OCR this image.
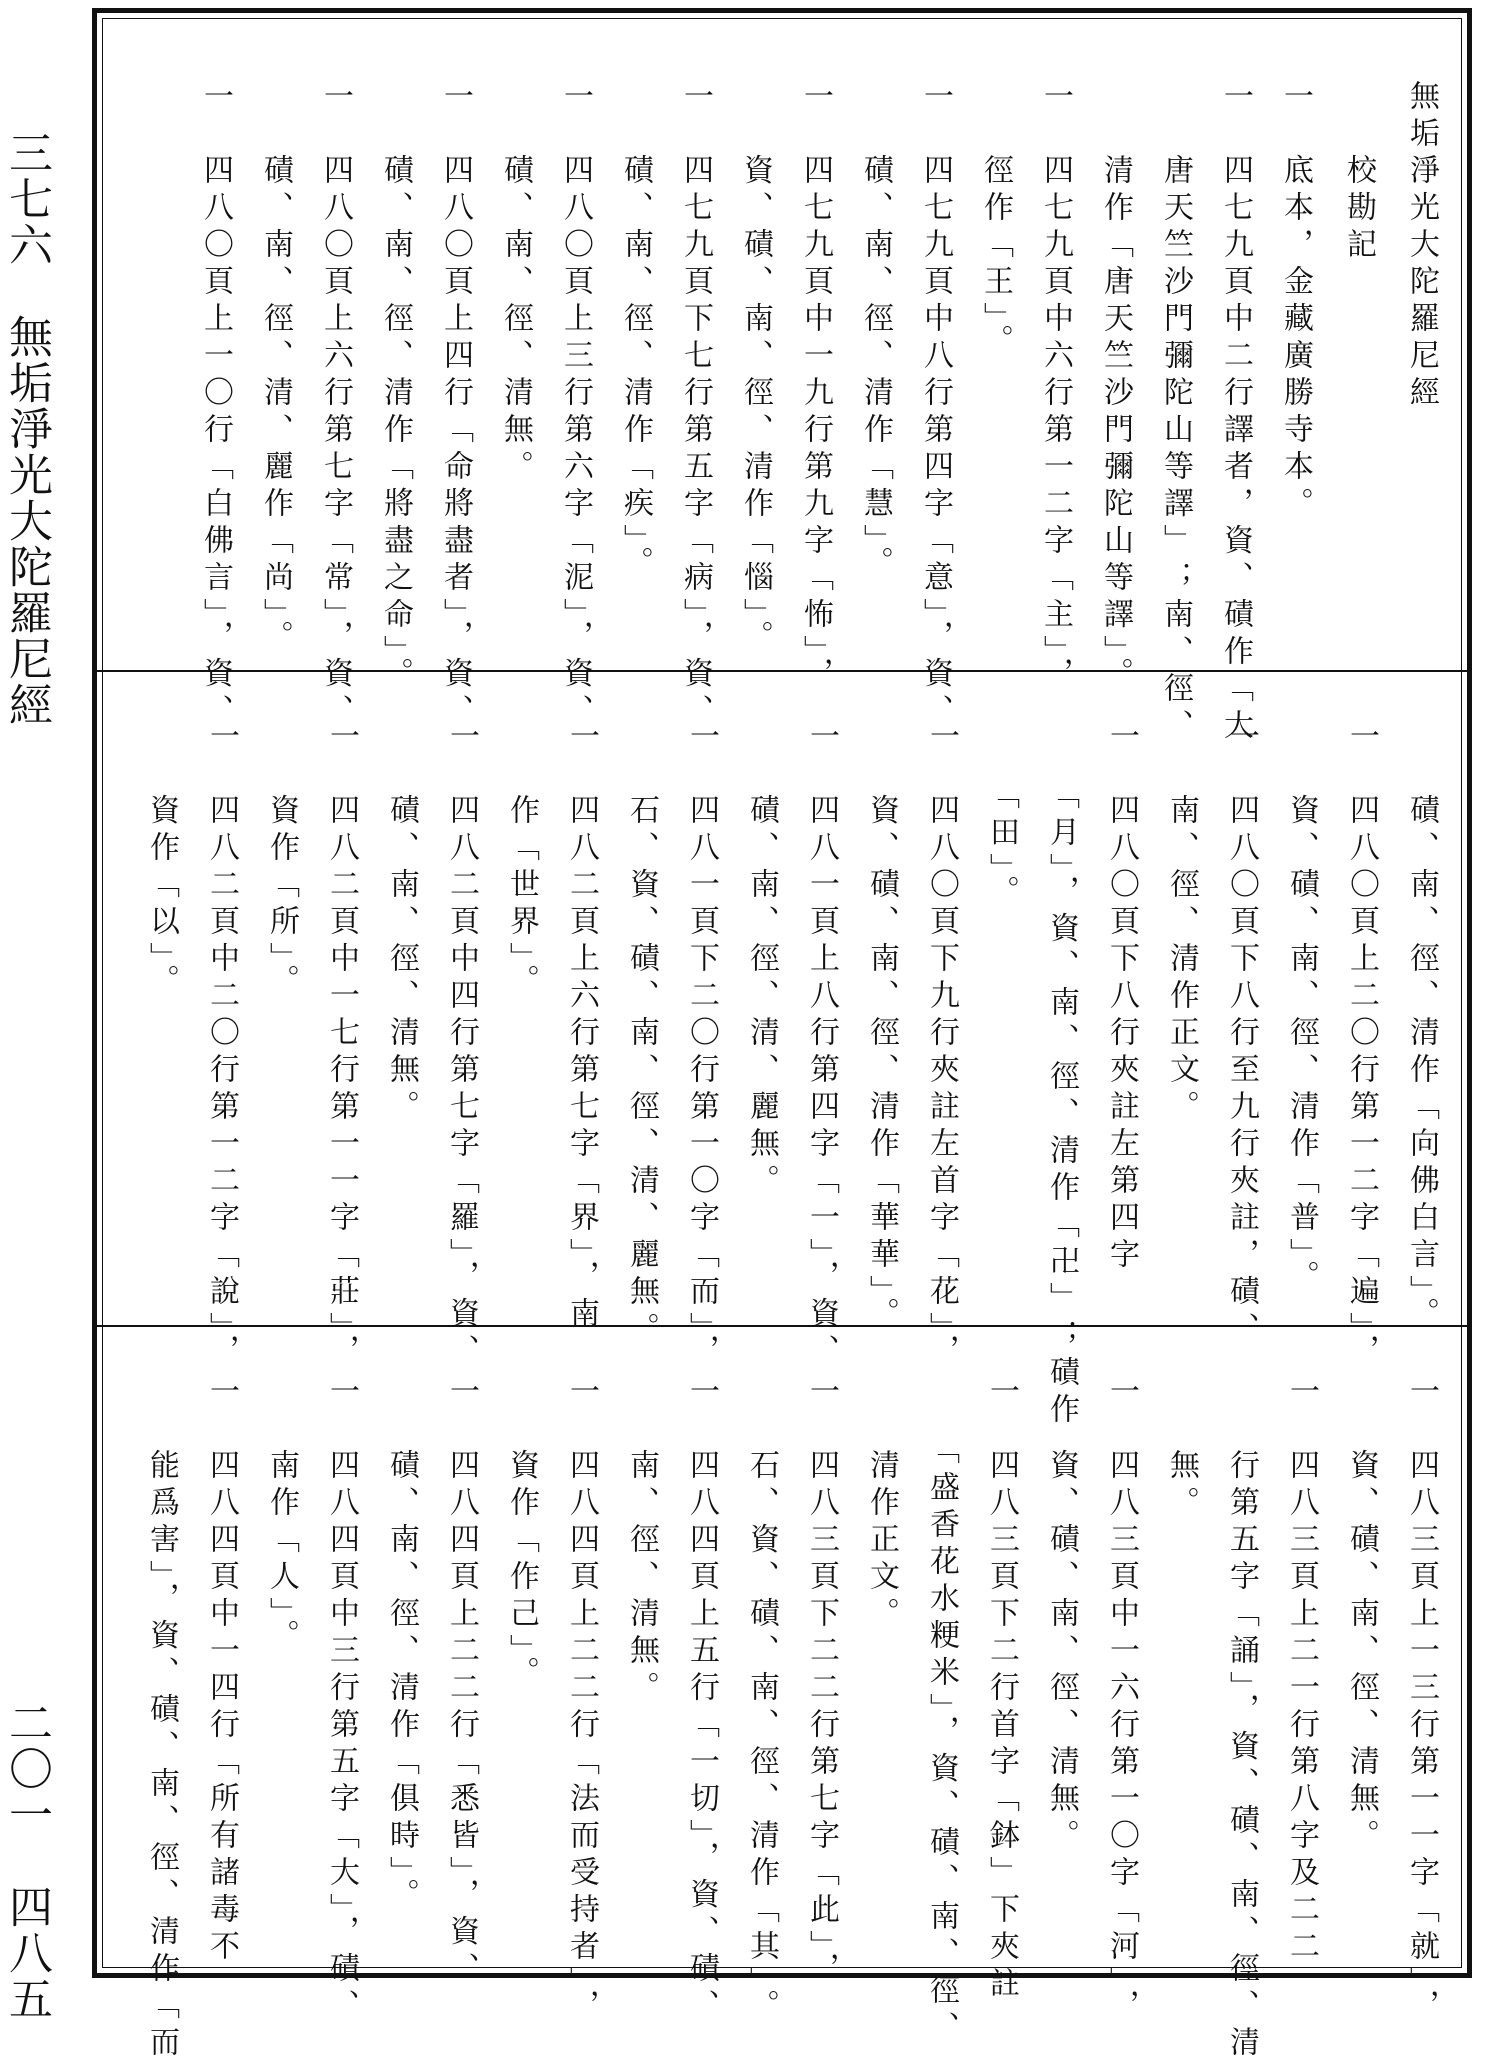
三七六　無垢淨光大陀羅尼經
二〇一　四八五
無垢淨光大陀羅尼經
　　校勘記
一　底本，金藏廣勝寺本。
一　四七九頁中二行譯者，資、磧作「大
　　唐天竺沙門彌陀山等譯」；南、徑、
　　清作「唐天竺沙門彌陀山等譯」。
一　四七九頁中六行第一二字「主」，
　　徑作「王」。
一　四七九頁中八行第四字「意」，資、
　　磧、南、徑、清作「慧」。
一　四七九頁中一九行第九字「怖」，
　　資、磧、南、徑、清作「惱」。
一　四七九頁下七行第五字「病」，資、
　　磧、南、徑、清作「疾」。
一　四八〇頁上三行第六字「泥」，資、
　　磧、南、徑、清無。
一　四八〇頁上四行「命將盡者」，資、
　　磧、南、徑、清作「將盡之命」。
一　四八〇頁上六行第七字「常」，資、
　　磧、南、徑、清、麗作「尚」。
一　四八〇頁上一〇行「白佛言」，資、
　　磧、南、徑、清作「向佛白言」。
一　四八〇頁上二〇行第一二字「遍」，
　　資、磧、南、徑、清作「普」。
一　四八〇頁下八行至九行夾註，磧、
　　南、徑、清作正文。
一　四八〇頁下八行夾註左第四字
　　「月」，資、南、徑、清作「卍」；磧作
　　「田」。
一　四八〇頁下九行夾註左首字「花」，
　　資、磧、南、徑、清作「華華」。
一　四八一頁上八行第四字「一」，資、
　　磧、南、徑、清、麗無。
一　四八一頁下二〇行第一〇字「而」，
　　石、資、磧、南、徑、清、麗無。
一　四八二頁上六行第七字「界」，南
　　作「世界」。
一　四八二頁中四行第七字「羅」，資、
　　磧、南、徑、清無。
一　四八二頁中一七行第一一字「莊」，
　　資作「所」。
一　四八二頁中二〇行第一二字「說」，
　　資作「以」。
一　四八三頁上一三行第一一字「就」，
　　資、磧、南、徑、清無。
一　四八三頁上二一行第八字及二二
　　行第五字「誦」，資、磧、南、徑、清
　　無。
一　四八三頁中一六行第一〇字「河」，
　　資、磧、南、徑、清無。
一　四八三頁下二行首字「鉢」下夾註
　　「盛香花水粳米」，資、磧、南、徑、
　　清作正文。
一　四八三頁下二二行第七字「此」，
　　石、資、磧、南、徑、清作「其」。
一　四八四頁上五行「一切」，資、磧、
　　南、徑、清無。
一　四八四頁上二二行「法而受持者」，
　　資作「作己」。
一　四八四頁上二二行「悉皆」，資、
　　磧、南、徑、清作「俱時」。
一　四八四頁中三行第五字「大」，磧、
　　南作「人」。
一　四八四頁中一四行「所有諸毒不
　　能爲害」，資、磧、南、徑、清作「而
